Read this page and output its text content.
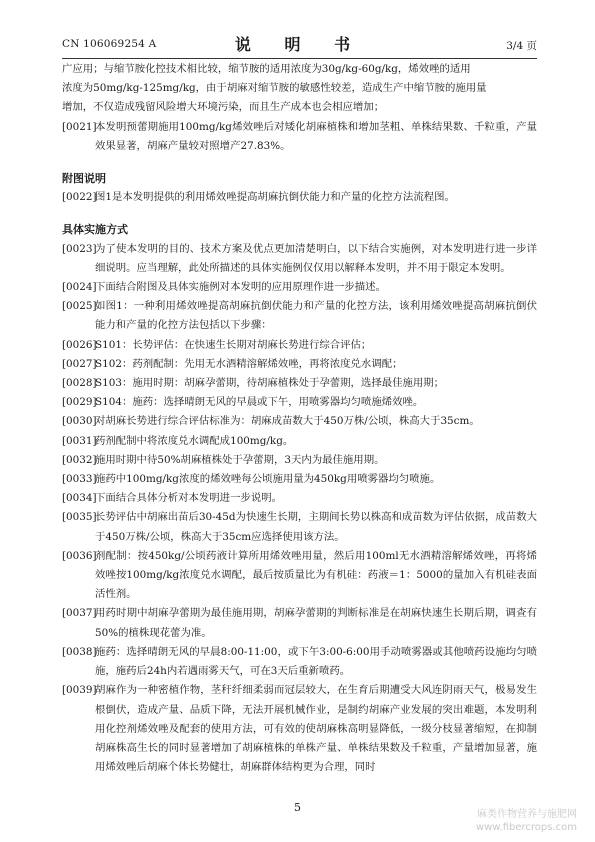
CN 106069254 A	说 明 书	3/4 页

广应用；与缩节胺化控技术相比较，缩节胺的适用浓度为30g/kg-60g/kg，烯效唑的适用

浓度为50mg/kg-125mg/kg，由于胡麻对缩节胺的敏感性较差，造成生产中缩节胺的施用量

增加，不仅造成残留风险增大环境污染，而且生产成本也会相应增加；

[0021]
本发明预蕾期施用100mg/kg烯效唑后对矮化胡麻植株和增加茎粗、单株结果数、千粒重，产量效果显著，胡麻产量较对照增产27.83%。

附图说明

[0022]
图1是本发明提供的利用烯效唑提高胡麻抗倒伏能力和产量的化控方法流程图。

具体实施方式

[0023]
为了使本发明的目的、技术方案及优点更加清楚明白，以下结合实施例，对本发明进行进一步详细说明。应当理解，此处所描述的具体实施例仅仅用以解释本发明，并不用于限定本发明。
[0024]
下面结合附图及具体实施例对本发明的应用原理作进一步描述。
[0025]
如图1：一种利用烯效唑提高胡麻抗倒伏能力和产量的化控方法，该利用烯效唑提高胡麻抗倒伏能力和产量的化控方法包括以下步骤：
[0026]
S101：长势评估：在快速生长期对胡麻长势进行综合评估；
[0027]
S102：药剂配制：先用无水酒精溶解烯效唑，再将浓度兑水调配；
[0028]
S103：施用时期：胡麻孕蕾期，待胡麻植株处于孕蕾期，选择最佳施用期；
[0029]
S104：施药：选择晴朗无风的早晨或下午，用喷雾器均匀喷施烯效唑。
[0030]
对胡麻长势进行综合评估标准为：胡麻成苗数大于450万株/公顷，株高大于35cm。
[0031]
药剂配制中将浓度兑水调配成100mg/kg。
[0032]
施用时期中待50%胡麻植株处于孕蕾期，3天内为最佳施用期。
[0033]
施药中100mg/kg浓度的烯效唑每公顷施用量为450kg用喷雾器均匀喷施。
[0034]
下面结合具体分析对本发明进一步说明。
[0035]
长势评估中胡麻出苗后30-45d为快速生长期，主期间长势以株高和成苗数为评估依据，成苗数大于450万株/公顷，株高大于35cm应选择使用该方法。
[0036]
剂配制：按450kg/公顷药液计算所用烯效唑用量，然后用100ml无水酒精溶解烯效唑，再将烯效唑按100mg/kg浓度兑水调配，最后按质量比为有机硅：药液＝1：5000的量加入有机硅表面活性剂。
[0037]
用药时期中胡麻孕蕾期为最佳施用期，胡麻孕蕾期的判断标准是在胡麻快速生长期后期，调查有50%的植株现花蕾为准。
[0038]
施药：选择晴朗无风的早晨8:00-11:00，或下午3:00-6:00用手动喷雾器或其他喷药设施均匀喷施，施药后24h内若遇雨雾天气，可在3天后重新喷药。
[0039]
胡麻作为一种密植作物，茎秆纤细柔弱而冠层较大，在生育后期遭受大风连阴雨天气，极易发生根倒伏，造成产量、品质下降，无法开展机械作业，是制约胡麻产业发展的突出难题，本发明利用化控剂烯效唑及配套的使用方法，可有效的使胡麻株高明显降低，一级分枝显著缩短，在抑制胡麻株高生长的同时显著增加了胡麻植株的单株产量、单株结果数及千粒重，产量增加显著，施用烯效唑后胡麻个体长势健壮，胡麻群体结构更为合理，同时
5
麻类作物营养与施肥网
www.fibercrops.com
